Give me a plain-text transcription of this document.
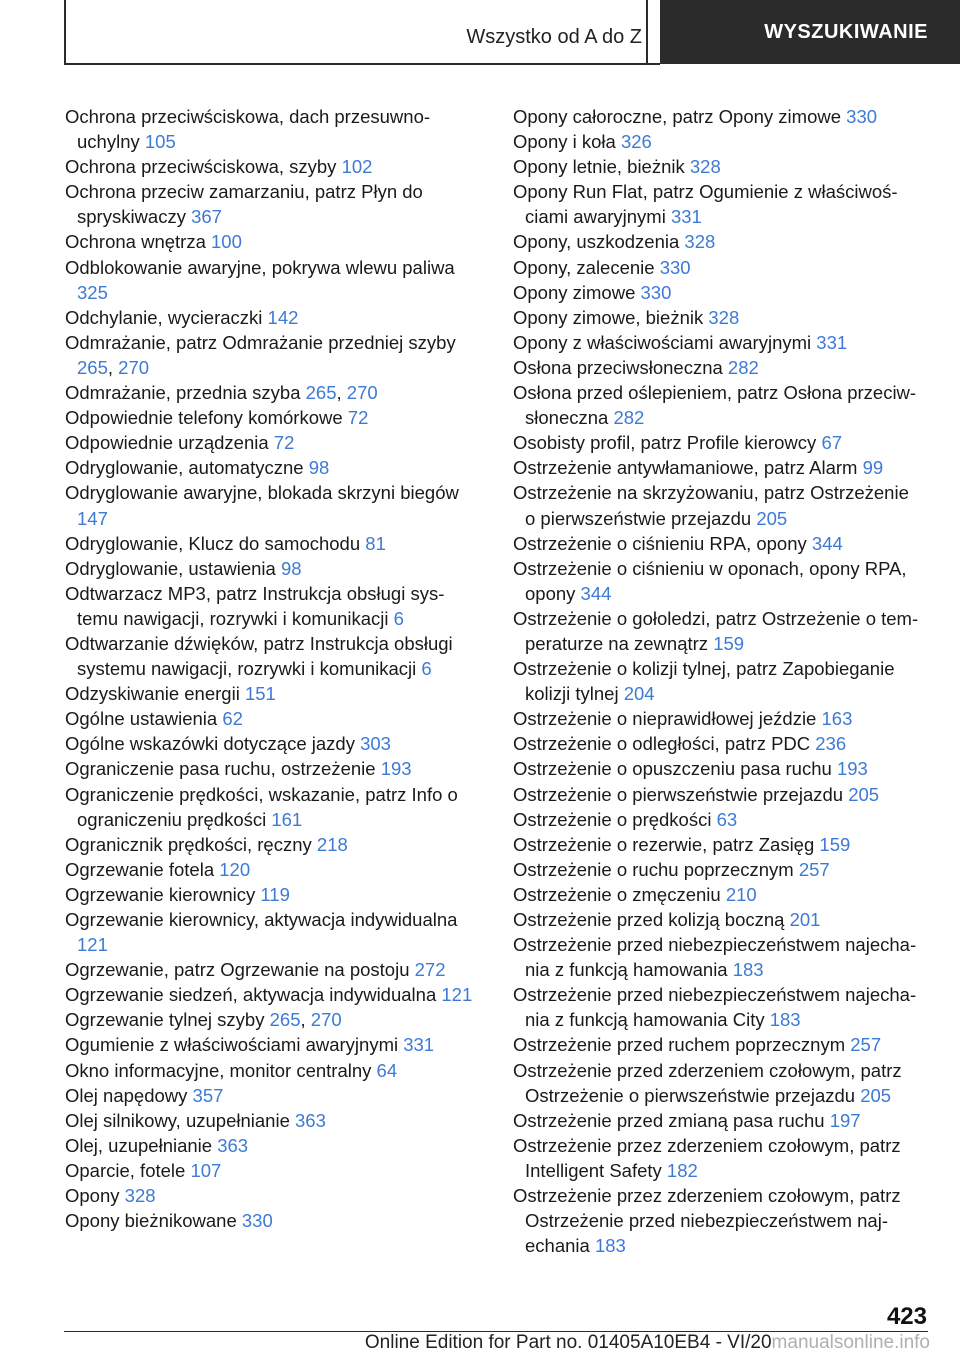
Wszystko od A do Z	WYSZUKIWANIE
Ochrona przeciwściskowa, dach przesuwnouchylny 105
Ochrona przeciwściskowa, szyby 102
Ochrona przeciw zamarzaniu, patrz Płyn do spryskiwaczy 367
Ochrona wnętrza 100
Odblokowanie awaryjne, pokrywa wlewu paliwa 325
Odchylanie, wycieraczki 142
Odmrażanie, patrz Odmrażanie przedniej szyby 265, 270
Odmrażanie, przednia szyba 265, 270
Odpowiednie telefony komórkowe 72
Odpowiednie urządzenia 72
Odryglowanie, automatyczne 98
Odryglowanie awaryjne, blokada skrzyni biegów 147
Odryglowanie, Klucz do samochodu 81
Odryglowanie, ustawienia 98
Odtwarzacz MP3, patrz Instrukcja obsługi systemu nawigacji, rozrywki i komunikacji 6
Odtwarzanie dźwięków, patrz Instrukcja obsługi systemu nawigacji, rozrywki i komunikacji 6
Odzyskiwanie energii 151
Ogólne ustawienia 62
Ogólne wskazówki dotyczące jazdy 303
Ograniczenie pasa ruchu, ostrzeżenie 193
Ograniczenie prędkości, wskazanie, patrz Info o ograniczeniu prędkości 161
Ogranicznik prędkości, ręczny 218
Ogrzewanie fotela 120
Ogrzewanie kierownicy 119
Ogrzewanie kierownicy, aktywacja indywidualna 121
Ogrzewanie, patrz Ogrzewanie na postoju 272
Ogrzewanie siedzeń, aktywacja indywidualna 121
Ogrzewanie tylnej szyby 265, 270
Ogumienie z właściwościami awaryjnymi 331
Okno informacyjne, monitor centralny 64
Olej napędowy 357
Olej silnikowy, uzupełnianie 363
Olej, uzupełnianie 363
Oparcie, fotele 107
Opony 328
Opony bieżnikowane 330
Opony całoroczne, patrz Opony zimowe 330
Opony i koła 326
Opony letnie, bieżnik 328
Opony Run Flat, patrz Ogumienie z właściwościami awaryjnymi 331
Opony, uszkodzenia 328
Opony, zalecenie 330
Opony zimowe 330
Opony zimowe, bieżnik 328
Opony z właściwościami awaryjnymi 331
Osłona przeciwsłoneczna 282
Osłona przed oślepieniem, patrz Osłona przeciwsłoneczna 282
Osobisty profil, patrz Profile kierowcy 67
Ostrzeżenie antywłamaniowe, patrz Alarm 99
Ostrzeżenie na skrzyżowaniu, patrz Ostrzeżenie o pierwszeństwie przejazdu 205
Ostrzeżenie o ciśnieniu RPA, opony 344
Ostrzeżenie o ciśnieniu w oponach, opony RPA, opony 344
Ostrzeżenie o gołoledzi, patrz Ostrzeżenie o temperaturze na zewnątrz 159
Ostrzeżenie o kolizji tylnej, patrz Zapobieganie kolizji tylnej 204
Ostrzeżenie o nieprawidłowej jeździe 163
Ostrzeżenie o odległości, patrz PDC 236
Ostrzeżenie o opuszczeniu pasa ruchu 193
Ostrzeżenie o pierwszeństwie przejazdu 205
Ostrzeżenie o prędkości 63
Ostrzeżenie o rezerwie, patrz Zasięg 159
Ostrzeżenie o ruchu poprzecznym 257
Ostrzeżenie o zmęczeniu 210
Ostrzeżenie przed kolizją boczną 201
Ostrzeżenie przed niebezpieczeństwem najechania z funkcją hamowania 183
Ostrzeżenie przed niebezpieczeństwem najechania z funkcją hamowania City 183
Ostrzeżenie przed ruchem poprzecznym 257
Ostrzeżenie przed zderzeniem czołowym, patrz Ostrzeżenie o pierwszeństwie przejazdu 205
Ostrzeżenie przed zmianą pasa ruchu 197
Ostrzeżenie przez zderzeniem czołowym, patrz Intelligent Safety 182
Ostrzeżenie przez zderzeniem czołowym, patrz Ostrzeżenie przed niebezpieczeństwem najechania 183
423
Online Edition for Part no. 01405A10EB4 - VI/20manualsonline.info
